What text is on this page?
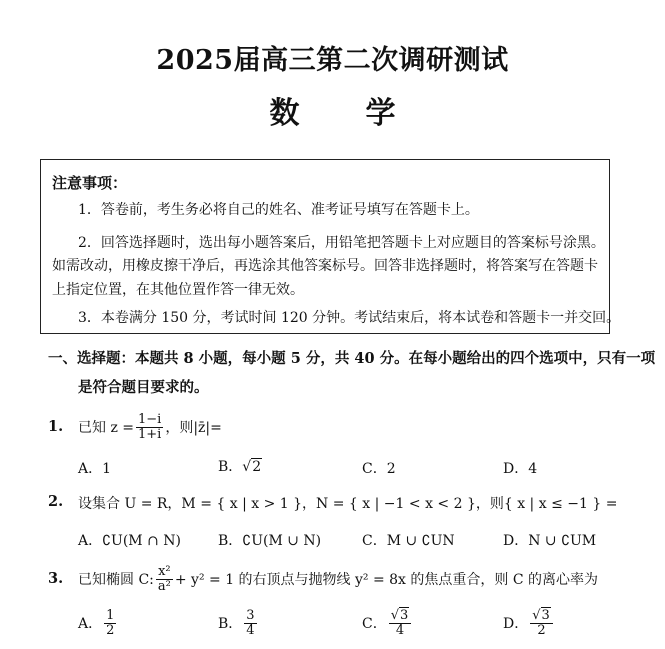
2025届高三第二次调研测试
数 学
注意事项：
1．答卷前，考生务必将自己的姓名、准考证号填写在答题卡上。
2．回答选择题时，选出每小题答案后，用铅笔把答题卡上对应题目的答案标号涂黑。
如需改动，用橡皮擦干净后，再选涂其他答案标号。回答非选择题时，将答案写在答题卡
上指定位置，在其他位置作答一律无效。
3．本卷满分 150 分，考试时间 120 分钟。考试结束后，将本试卷和答题卡一并交回。
一、选择题：本题共 8 小题，每小题 5 分，共 40 分。在每小题给出的四个选项中，只有一项
是符合题目要求的。
1. 已知 $z = \frac{1-i}{1+i}$ ，则|z̄|=
A．1	B．√2	C．2	D．4
2. 设集合 U = R，M = { x | x > 1 }，N = { x | −1 < x < 2 }，则{ x | x ≤ −1 } =
A．∁U(M ∩ N)	B．∁U(M ∪ N)	C．M ∪ ∁UN	D．N ∪ ∁UM
3. 已知椭圆 C: $\frac{\text{x²}}{\text{a²}} + y^2 = 1$ 的右顶点与抛物线 y² = 8x 的焦点重合，则 C 的离心率为
A． $\frac{1}{2}$	B． $\frac{3}{4}$	C． $\frac{√3}{4}$	D． $\frac{√3}{2}$
